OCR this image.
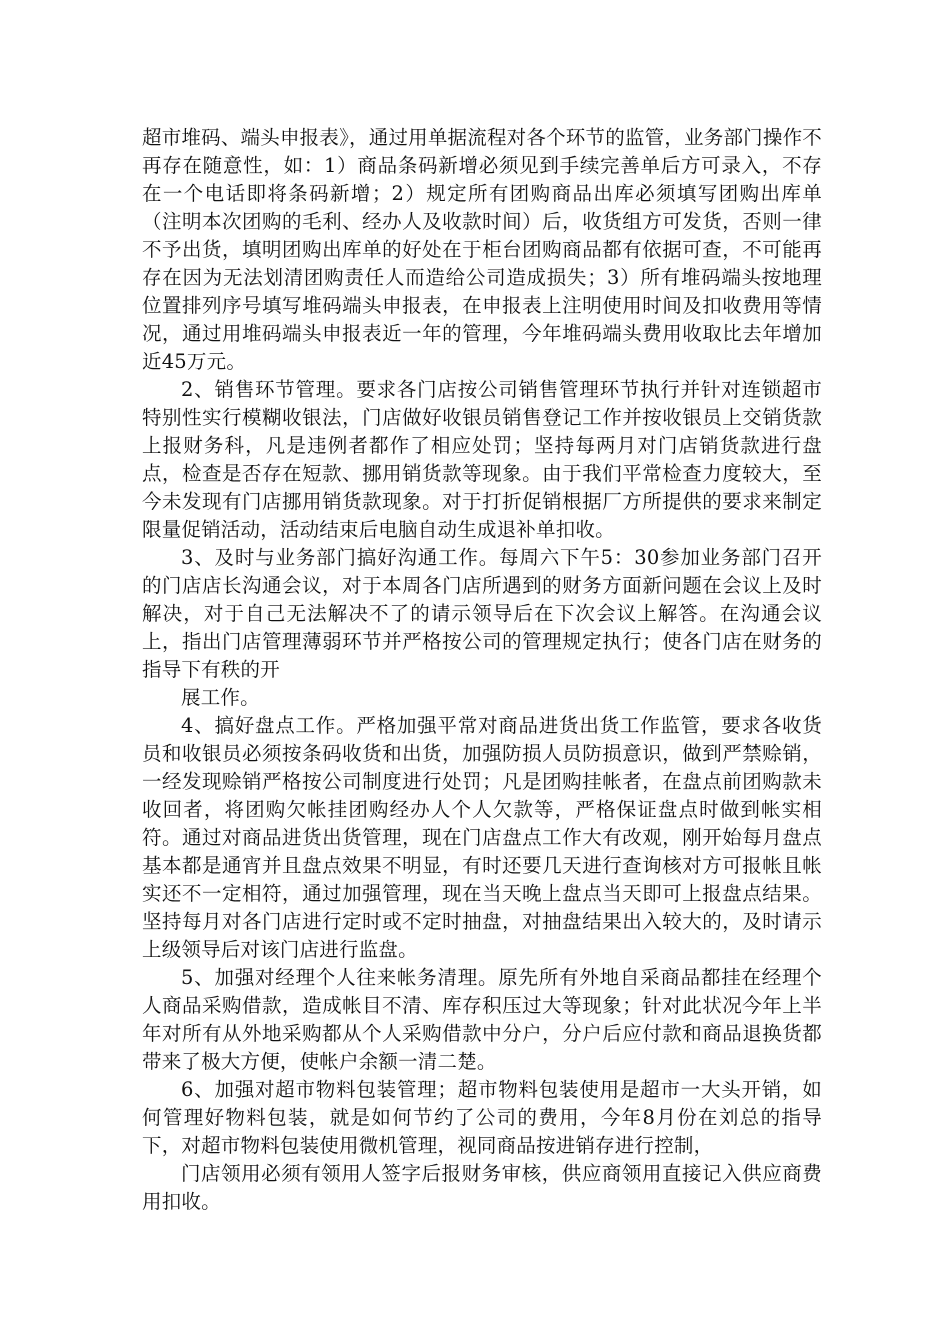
超市堆码、端头申报表》，通过用单据流程对各个环节的监管，业务部门操作不再存在随意性，如：1）商品条码新增必须见到手续完善单后方可录入，不存在一个电话即将条码新增；2）规定所有团购商品出库必须填写团购出库单（注明本次团购的毛利、经办人及收款时间）后，收货组方可发货，否则一律不予出货，填明团购出库单的好处在于柜台团购商品都有依据可查，不可能再存在因为无法划清团购责任人而造给公司造成损失；3）所有堆码端头按地理位置排列序号填写堆码端头申报表，在申报表上注明使用时间及扣收费用等情况，通过用堆码端头申报表近一年的管理，今年堆码端头费用收取比去年增加近45万元。

2、销售环节管理。要求各门店按公司销售管理环节执行并针对连锁超市特别性实行模糊收银法，门店做好收银员销售登记工作并按收银员上交销货款上报财务科，凡是违例者都作了相应处罚；坚持每两月对门店销货款进行盘点，检查是否存在短款、挪用销货款等现象。由于我们平常检查力度较大，至今未发现有门店挪用销货款现象。对于打折促销根据厂方所提供的要求来制定限量促销活动，活动结束后电脑自动生成退补单扣收。

3、及时与业务部门搞好沟通工作。每周六下午5：30参加业务部门召开的门店店长沟通会议，对于本周各门店所遇到的财务方面新问题在会议上及时解决，对于自己无法解决不了的请示领导后在下次会议上解答。在沟通会议上，指出门店管理薄弱环节并严格按公司的管理规定执行；使各门店在财务的指导下有秩的开

展工作。

4、搞好盘点工作。严格加强平常对商品进货出货工作监管，要求各收货员和收银员必须按条码收货和出货，加强防损人员防损意识，做到严禁赊销，一经发现赊销严格按公司制度进行处罚；凡是团购挂帐者，在盘点前团购款未收回者，将团购欠帐挂团购经办人个人欠款等，严格保证盘点时做到帐实相符。通过对商品进货出货管理，现在门店盘点工作大有改观，刚开始每月盘点基本都是通宵并且盘点效果不明显，有时还要几天进行查询核对方可报帐且帐实还不一定相符，通过加强管理，现在当天晚上盘点当天即可上报盘点结果。坚持每月对各门店进行定时或不定时抽盘，对抽盘结果出入较大的，及时请示上级领导后对该门店进行监盘。

5、加强对经理个人往来帐务清理。原先所有外地自采商品都挂在经理个人商品采购借款，造成帐目不清、库存积压过大等现象；针对此状况今年上半年对所有从外地采购都从个人采购借款中分户，分户后应付款和商品退换货都带来了极大方便，使帐户余额一清二楚。

6、加强对超市物料包装管理；超市物料包装使用是超市一大头开销，如何管理好物料包装，就是如何节约了公司的费用，今年8月份在刘总的指导下，对超市物料包装使用微机管理，视同商品按进销存进行控制，

门店领用必须有领用人签字后报财务审核，供应商领用直接记入供应商费用扣收。
